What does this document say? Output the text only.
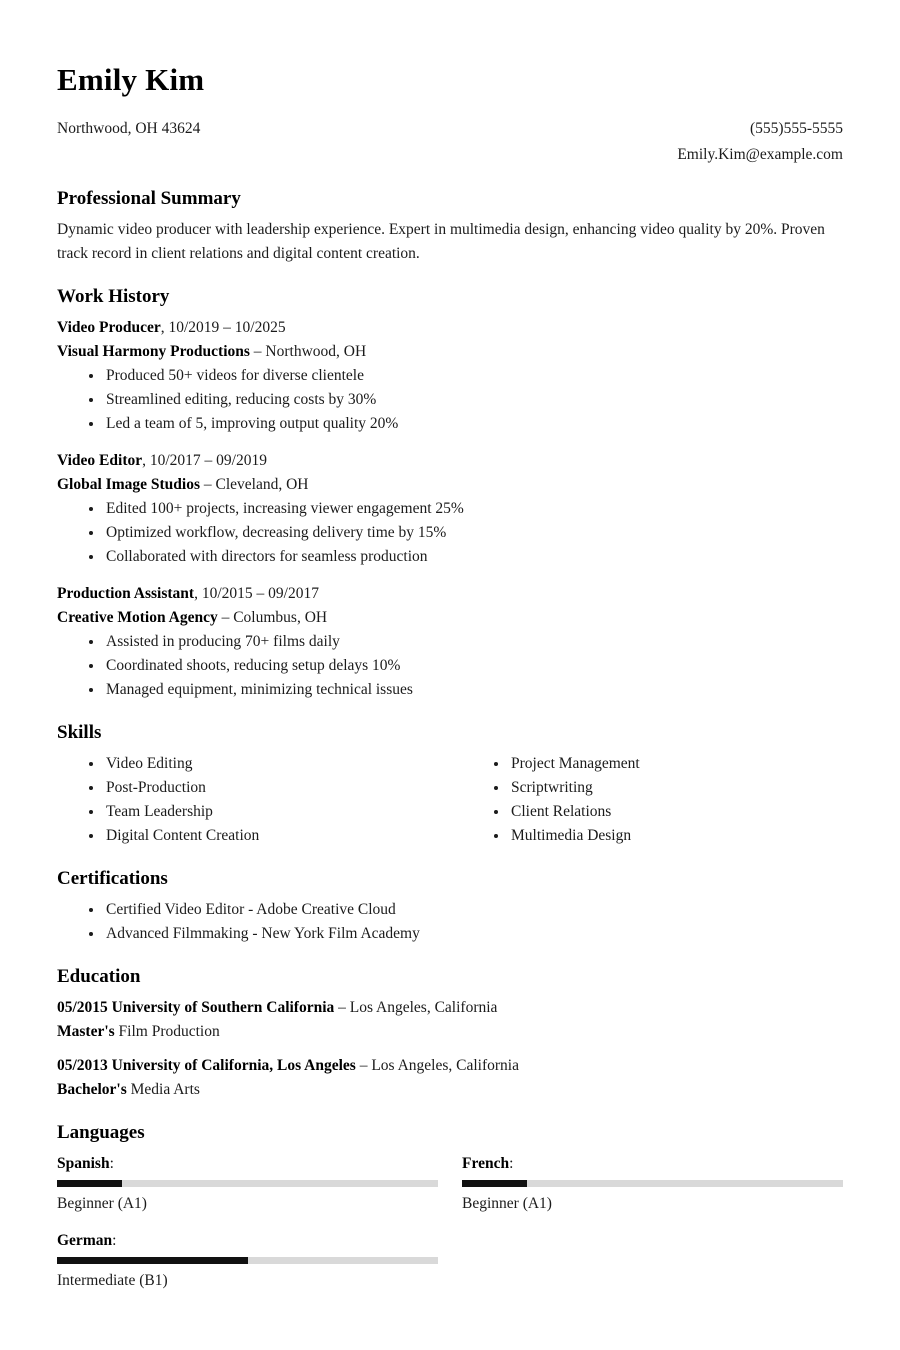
Emily Kim
Northwood, OH 43624	(555)555-5555
Emily.Kim@example.com
Professional Summary

Dynamic video producer with leadership experience. Expert in multimedia design, enhancing video quality by 20%. Proven track record in client relations and digital content creation.

Work History
Video Producer, 10/2019 – 10/2025
Visual Harmony Productions – Northwood, OH
• Produced 50+ videos for diverse clientele
• Streamlined editing, reducing costs by 30%
• Led a team of 5, improving output quality 20%
Video Editor, 10/2017 – 09/2019
Global Image Studios – Cleveland, OH
• Edited 100+ projects, increasing viewer engagement 25%
• Optimized workflow, decreasing delivery time by 15%
• Collaborated with directors for seamless production
Production Assistant, 10/2015 – 09/2017
Creative Motion Agency – Columbus, OH
• Assisted in producing 70+ films daily
• Coordinated shoots, reducing setup delays 10%
• Managed equipment, minimizing technical issues
Skills
• Video Editing
• Post-Production
• Team Leadership
• Digital Content Creation
• Project Management
• Scriptwriting
• Client Relations
• Multimedia Design
Certifications
• Certified Video Editor - Adobe Creative Cloud
• Advanced Filmmaking - New York Film Academy
Education
05/2015 University of Southern California – Los Angeles, California
Master's Film Production
05/2013 University of California, Los Angeles – Los Angeles, California
Bachelor's Media Arts
Languages
Spanish:
Beginner (A1)
French:
Beginner (A1)
German:
Intermediate (B1)
